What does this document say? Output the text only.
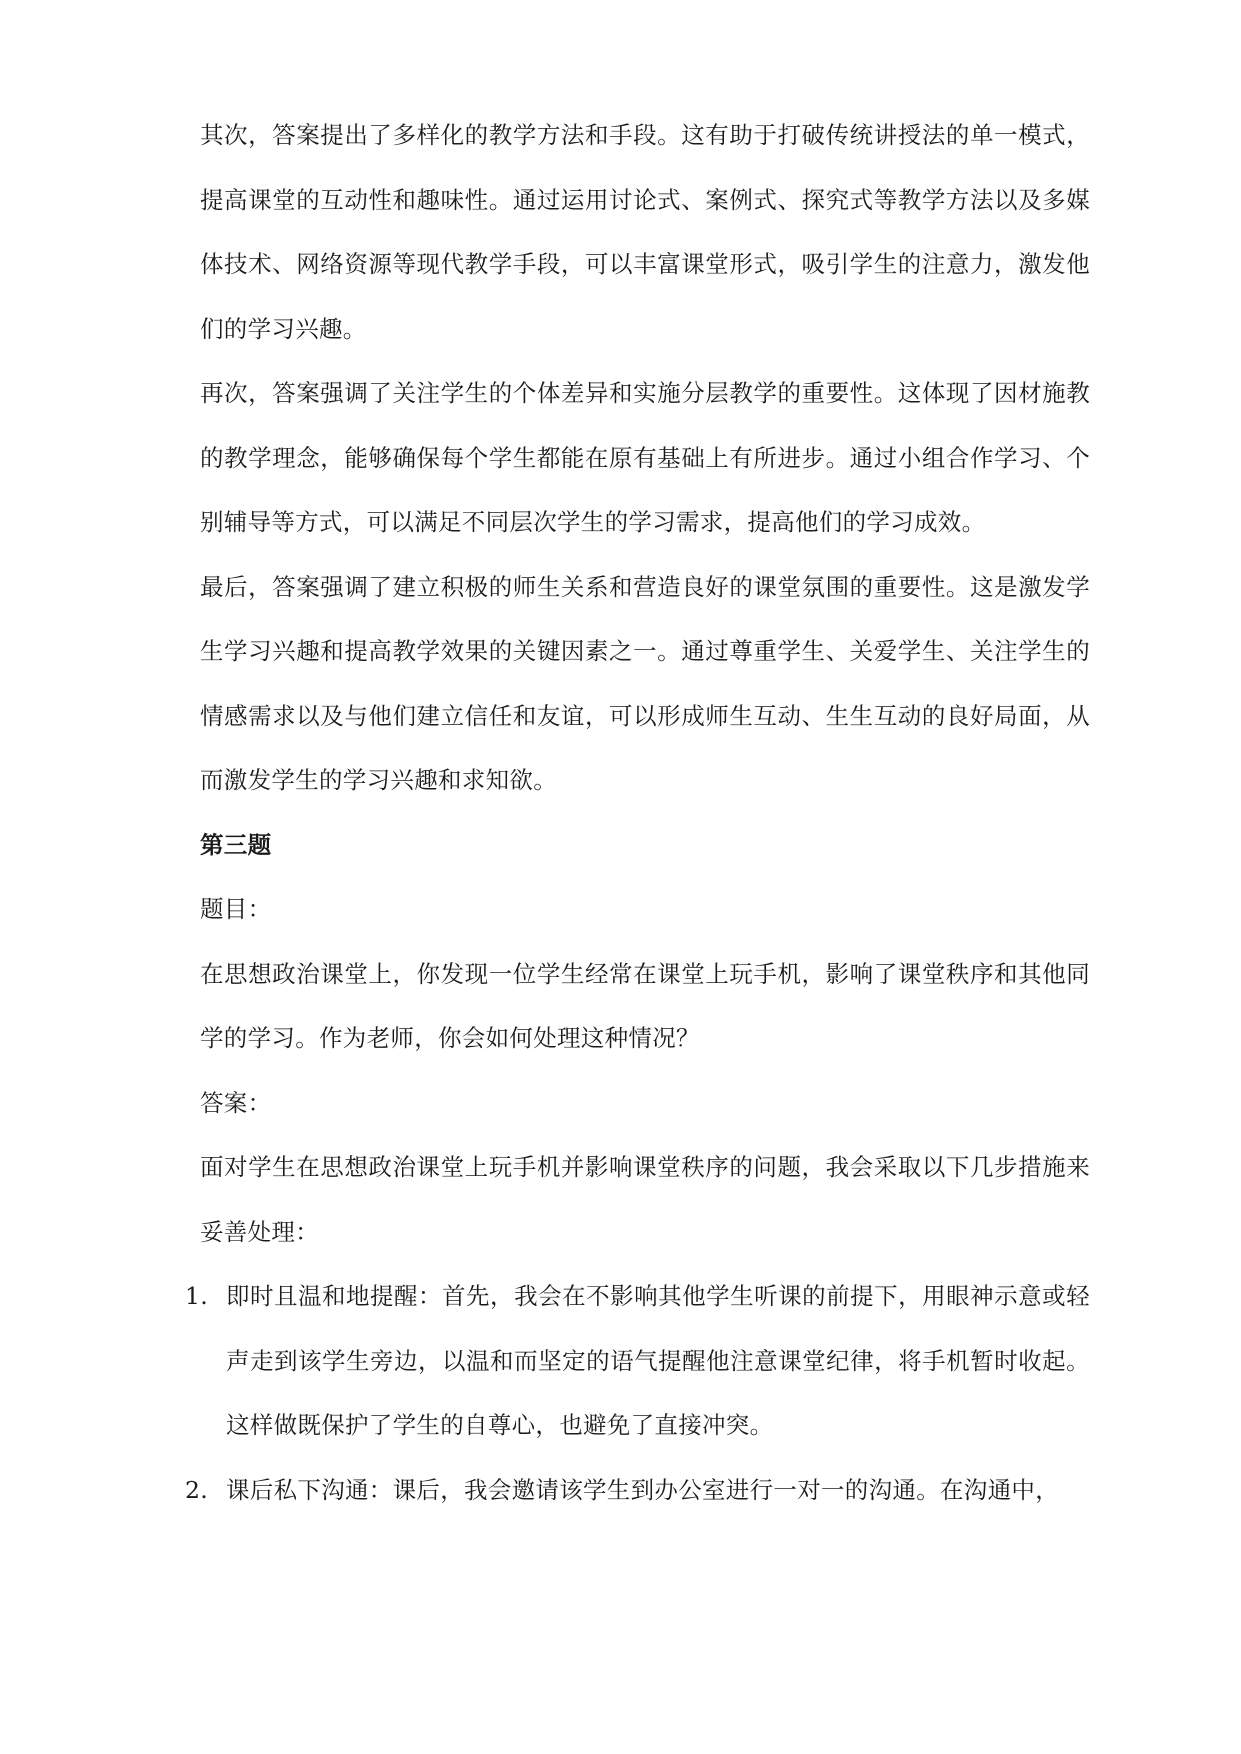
其次，答案提出了多样化的教学方法和手段。这有助于打破传统讲授法的单一模式，提高课堂的互动性和趣味性。通过运用讨论式、案例式、探究式等教学方法以及多媒体技术、网络资源等现代教学手段，可以丰富课堂形式，吸引学生的注意力，激发他们的学习兴趣。

再次，答案强调了关注学生的个体差异和实施分层教学的重要性。这体现了因材施教的教学理念，能够确保每个学生都能在原有基础上有所进步。通过小组合作学习、个别辅导等方式，可以满足不同层次学生的学习需求，提高他们的学习成效。

最后，答案强调了建立积极的师生关系和营造良好的课堂氛围的重要性。这是激发学生学习兴趣和提高教学效果的关键因素之一。通过尊重学生、关爱学生、关注学生的情感需求以及与他们建立信任和友谊，可以形成师生互动、生生互动的良好局面，从而激发学生的学习兴趣和求知欲。

第三题

题目：

在思想政治课堂上，你发现一位学生经常在课堂上玩手机，影响了课堂秩序和其他同学的学习。作为老师，你会如何处理这种情况？

答案：

面对学生在思想政治课堂上玩手机并影响课堂秩序的问题，我会采取以下几步措施来妥善处理：

1. 即时且温和地提醒：首先，我会在不影响其他学生听课的前提下，用眼神示意或轻声走到该学生旁边，以温和而坚定的语气提醒他注意课堂纪律，将手机暂时收起。这样做既保护了学生的自尊心，也避免了直接冲突。

2. 课后私下沟通：课后，我会邀请该学生到办公室进行一对一的沟通。在沟通中，
